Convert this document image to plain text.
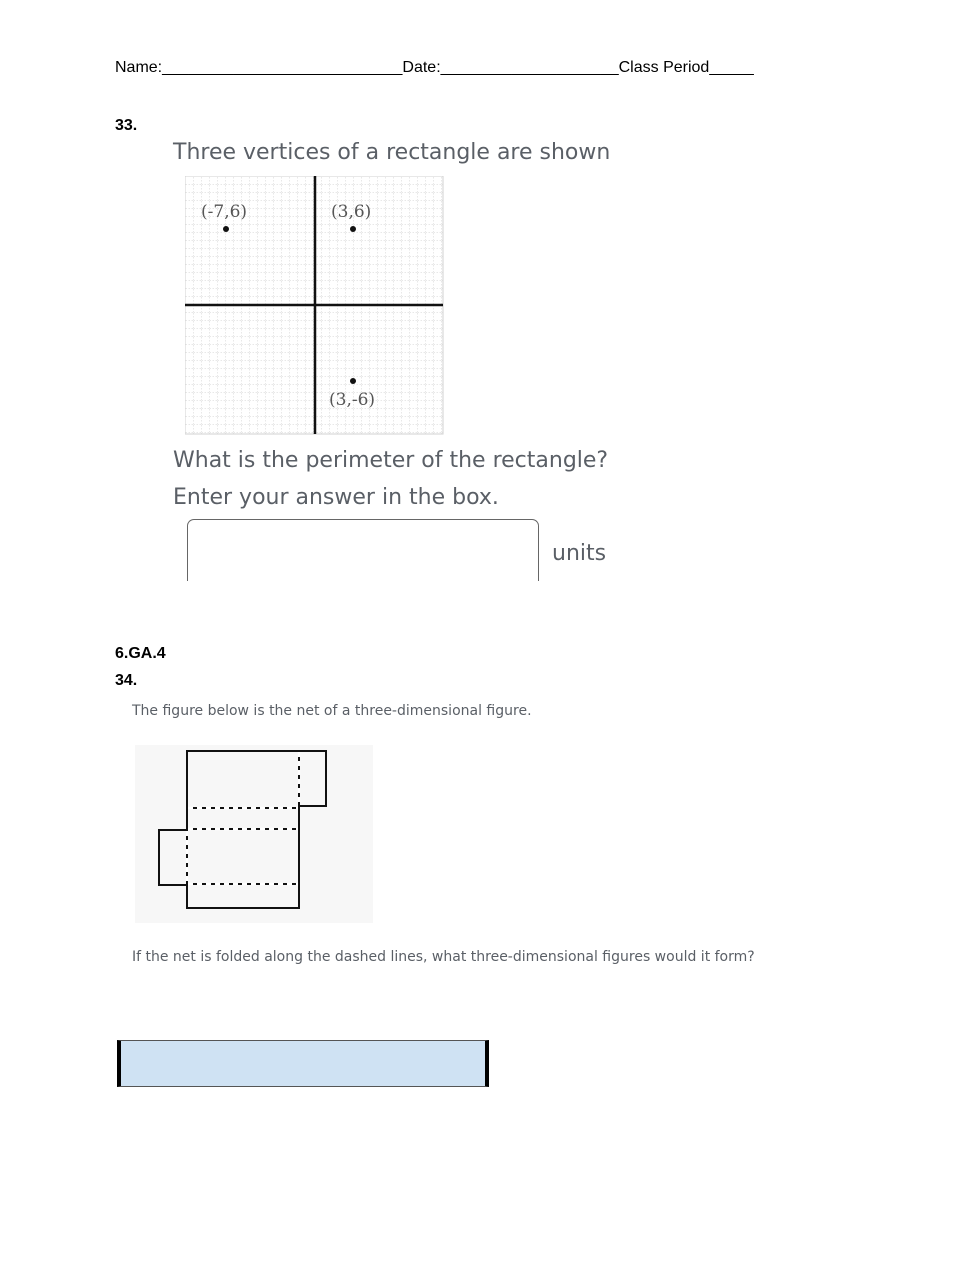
Name:___________________________Date:____________________Class Period_____
33.
Three vertices of a rectangle are shown
(-7,6)	(3,6)
(3,-6)
What is the perimeter of the rectangle?
Enter your answer in the box.
units
6.GA.4
34.
The figure below is the net of a three-dimensional figure.
If the net is folded along the dashed lines, what three-dimensional figures would it form?
